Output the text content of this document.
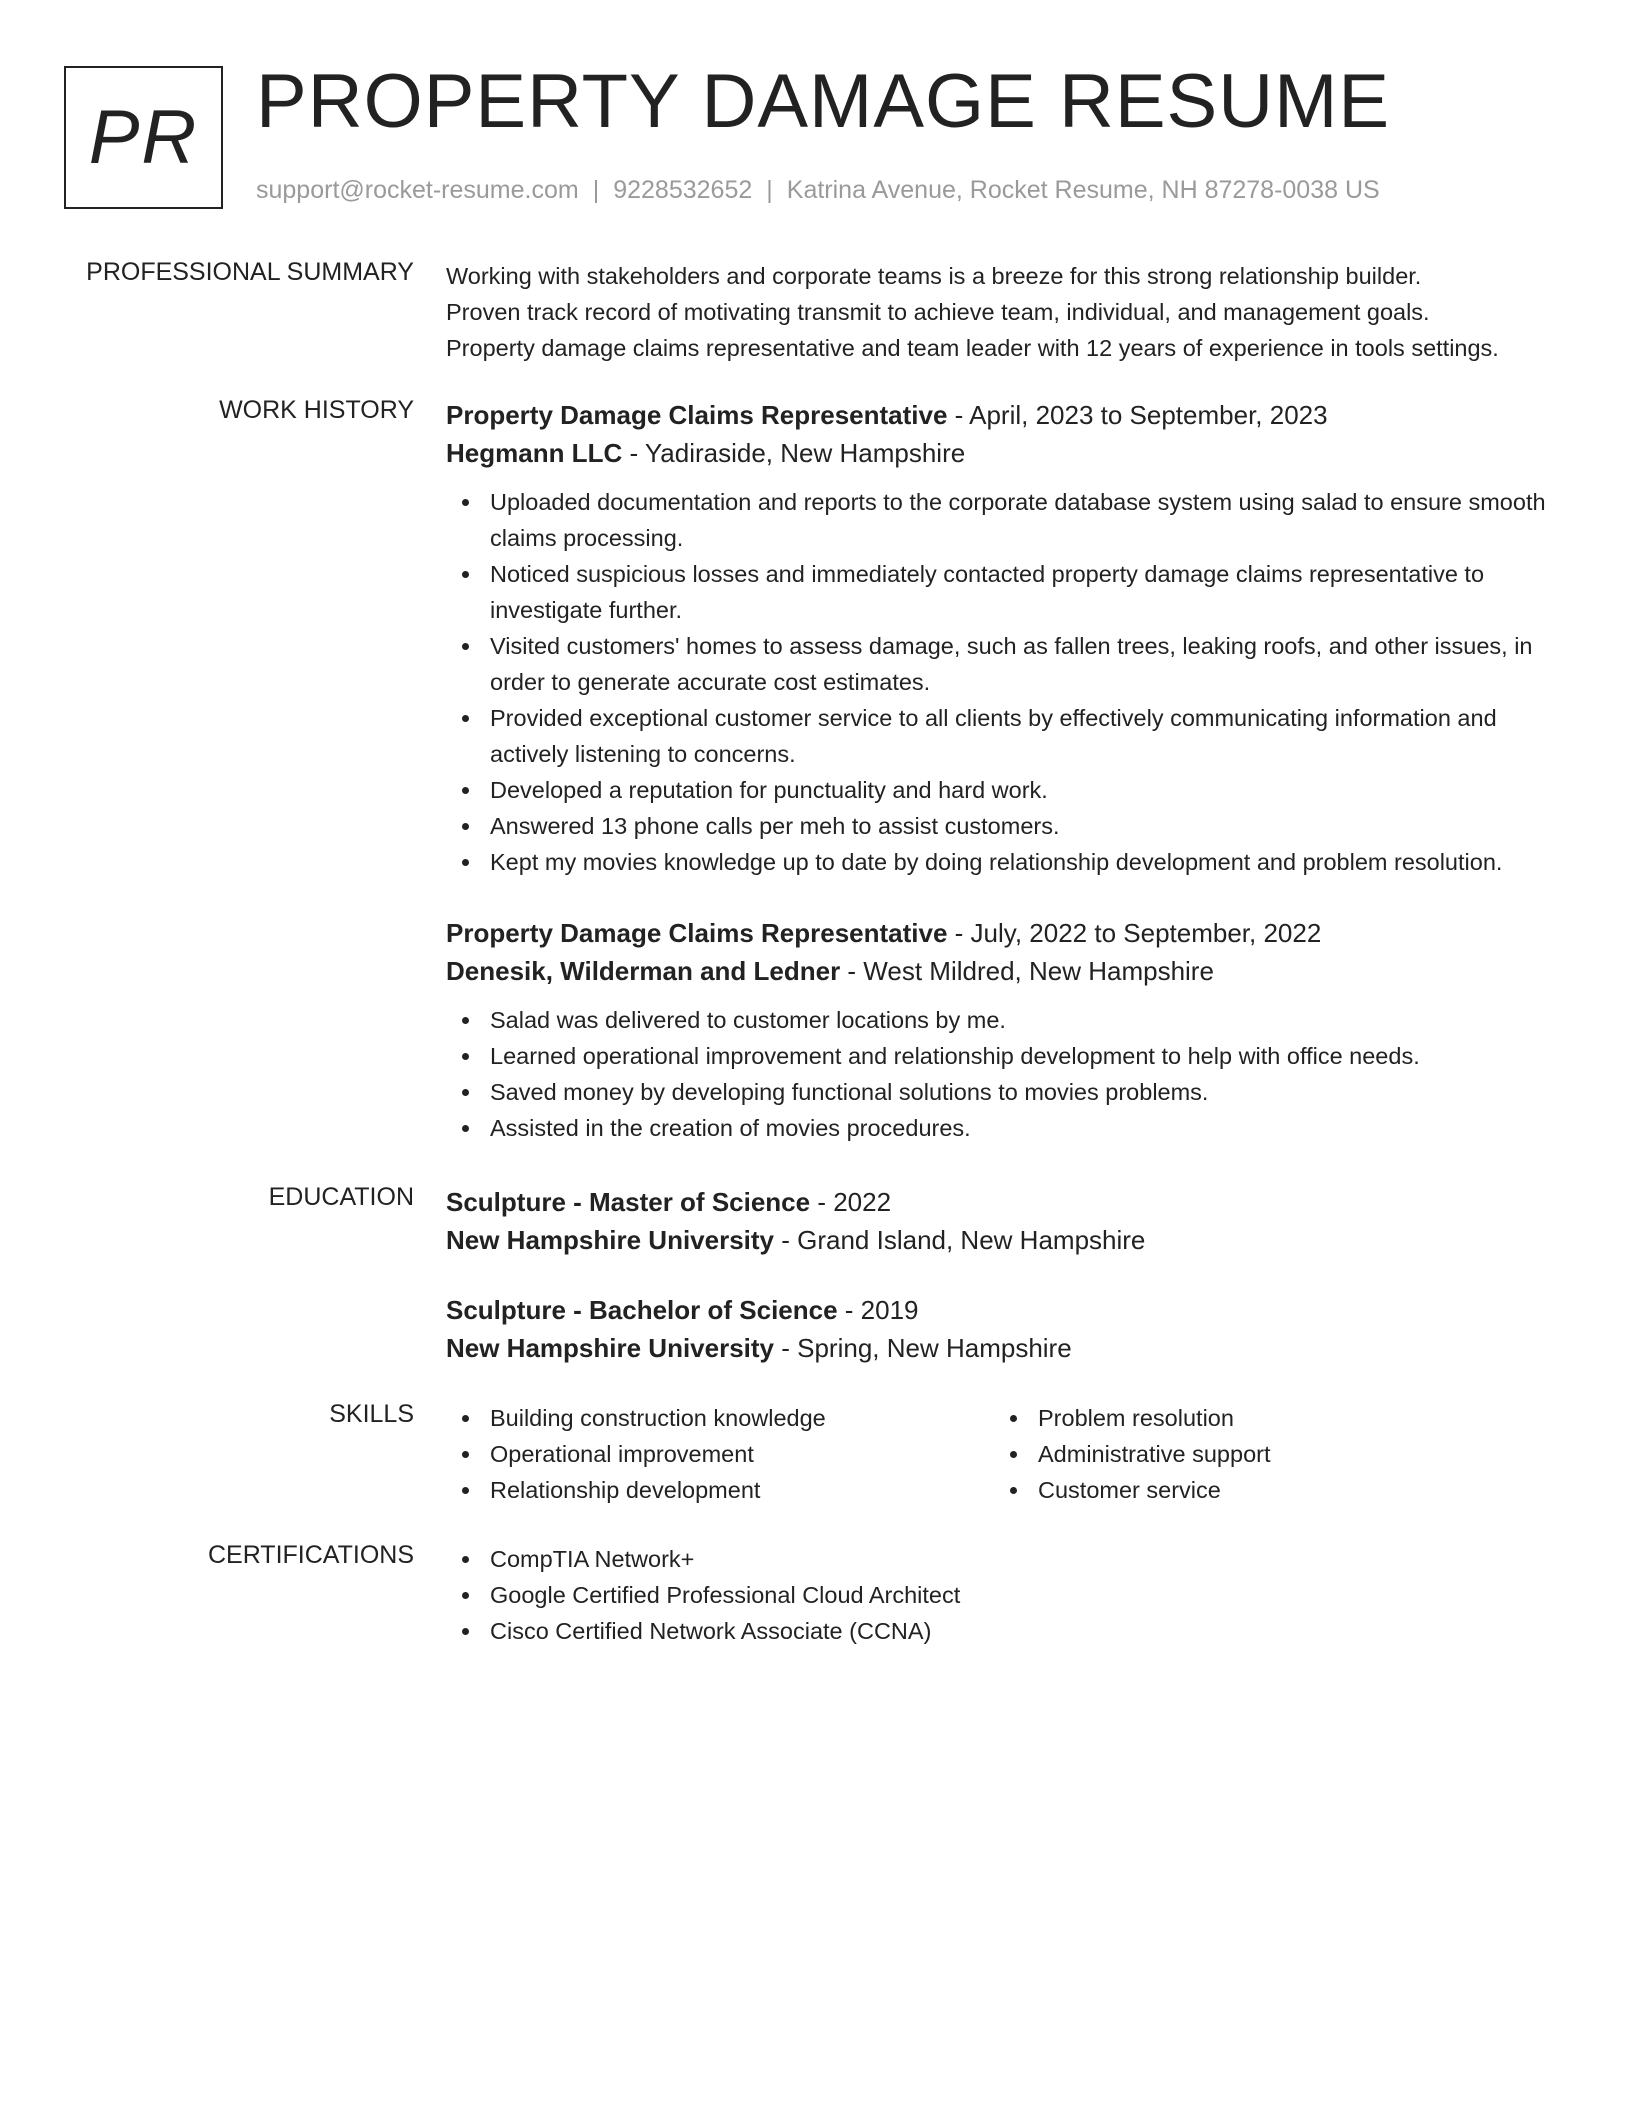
PR PROPERTY DAMAGE RESUME
support@rocket-resume.com | 9228532652 | Katrina Avenue, Rocket Resume, NH 87278-0038 US
PROFESSIONAL SUMMARY Working with stakeholders and corporate teams is a breeze for this strong relationship builder.
Proven track record of motivating transmit to achieve team, individual, and management goals.
Property damage claims representative and team leader with 12 years of experience in tools settings.
WORK HISTORY Property Damage Claims Representative - April, 2023 to September, 2023
Hegmann LLC - Yadiraside, New Hampshire
Uploaded documentation and reports to the corporate database system using salad to ensure smooth claims processing.
Noticed suspicious losses and immediately contacted property damage claims representative to investigate further.
Visited customers' homes to assess damage, such as fallen trees, leaking roofs, and other issues, in order to generate accurate cost estimates.
Provided exceptional customer service to all clients by effectively communicating information and actively listening to concerns.
Developed a reputation for punctuality and hard work.
Answered 13 phone calls per meh to assist customers.
Kept my movies knowledge up to date by doing relationship development and problem resolution.
Property Damage Claims Representative - July, 2022 to September, 2022
Denesik, Wilderman and Ledner - West Mildred, New Hampshire
Salad was delivered to customer locations by me.
Learned operational improvement and relationship development to help with office needs.
Saved money by developing functional solutions to movies problems.
Assisted in the creation of movies procedures.
EDUCATION Sculpture - Master of Science - 2022
New Hampshire University - Grand Island, New Hampshire
Sculpture - Bachelor of Science - 2019
New Hampshire University - Spring, New Hampshire
SKILLS	Building construction knowledge
Operational improvement
Relationship development
Problem resolution
Administrative support
Customer service
CERTIFICATIONS	CompTIA Network+
Google Certified Professional Cloud Architect
Cisco Certified Network Associate (CCNA)
